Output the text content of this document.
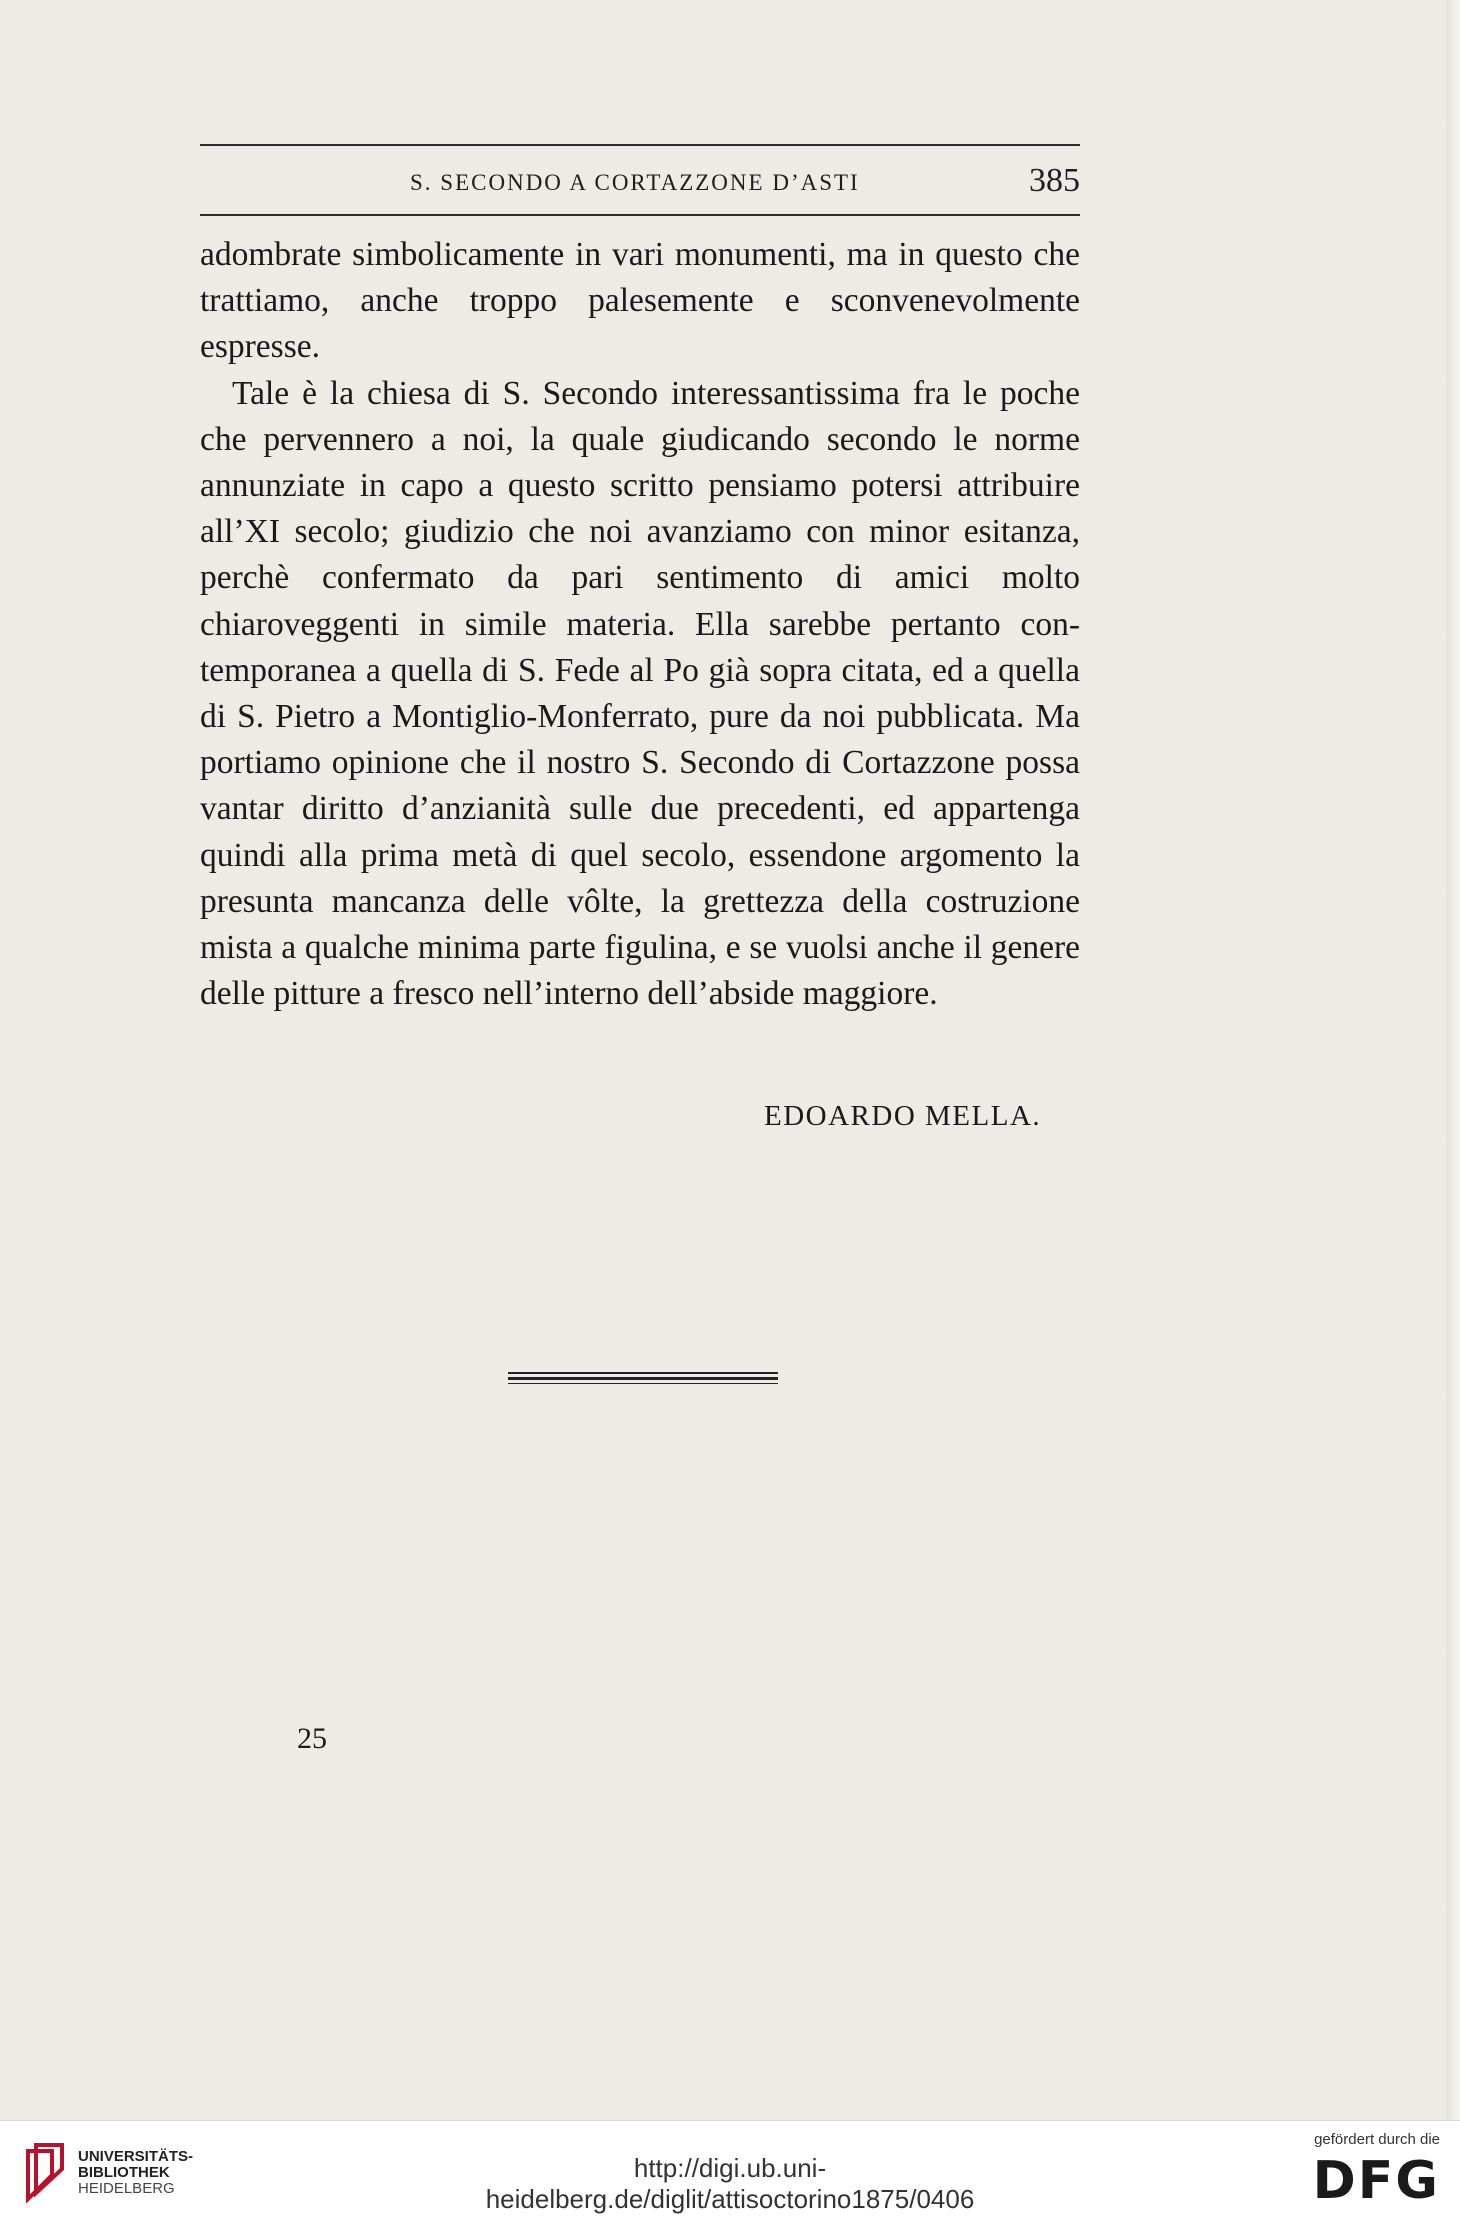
S. SECONDO A CORTAZZONE D’ASTI	385

adombrate simbolicamente in vari monumenti, ma in questo che trattiamo, anche troppo palesemente e sconvenevolmente espresse.

Tale è la chiesa di S. Secondo interessantissima fra le poche che pervennero a noi, la quale giudicando secondo le norme annunziate in capo a questo scritto pensiamo potersi attribuire all’XI secolo; giudizio che noi avanziamo con minor esitanza, perchè confermato da pari sentimento di amici molto chiaroveggenti in simile materia. Ella sarebbe pertanto contemporanea a quella di S. Fede al Po già sopra citata, ed a quella di S. Pietro a Montiglio-Monferrato, pure da noi pubblicata. Ma portiamo opinione che il nostro S. Secondo di Cortazzone possa vantar diritto d’anzianità sulle due precedenti, ed appartenga quindi alla prima metà di quel secolo, essendone argomento la presunta mancanza delle vôlte, la grettezza della costruzione mista a qualche minima parte figulina, e se vuolsi anche il genere delle pitture a fresco nell’interno dell’abside maggiore.

EDOARDO MELLA.
25
UNIVERSITÄTS-
BIBLIOTHEK
HEIDELBERG
gefördert durch die
DFG
http://digi.ub.uni-heidelberg.de/diglit/attisoctorino1875/0406
